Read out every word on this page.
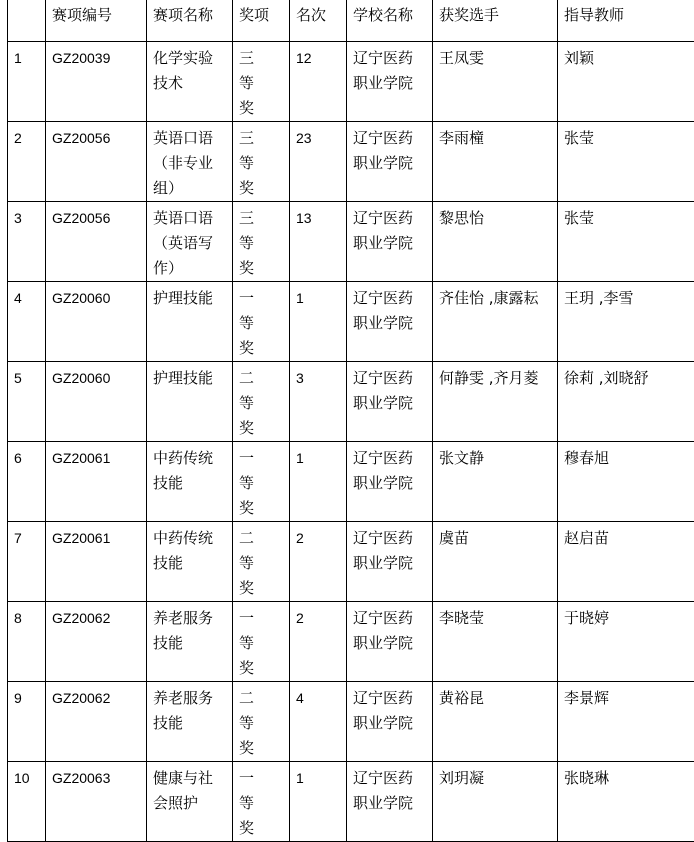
	赛项编号	赛项名称	奖项	名次	学校名称	获奖选手	指导教师
1	GZ20039	化学实验技术	三等奖	12	辽宁医药职业学院	王凤雯	刘颖
2	GZ20056	英语口语（非专业组）	三等奖	23	辽宁医药职业学院	李雨橦	张莹
3	GZ20056	英语口语（英语写作）	三等奖	13	辽宁医药职业学院	黎思怡	张莹
4	GZ20060	护理技能	一等奖	1	辽宁医药职业学院	齐佳怡 ,康露耘	王玥 ,李雪
5	GZ20060	护理技能	二等奖	3	辽宁医药职业学院	何静雯 ,齐月菱	徐莉 ,刘晓舒
6	GZ20061	中药传统技能	一等奖	1	辽宁医药职业学院	张文静	穆春旭
7	GZ20061	中药传统技能	二等奖	2	辽宁医药职业学院	虞苗	赵启苗
8	GZ20062	养老服务技能	一等奖	2	辽宁医药职业学院	李晓莹	于晓婷
9	GZ20062	养老服务技能	二等奖	4	辽宁医药职业学院	黄裕昆	李景辉
10	GZ20063	健康与社会照护	一等奖	1	辽宁医药职业学院	刘玥凝	张晓琳
